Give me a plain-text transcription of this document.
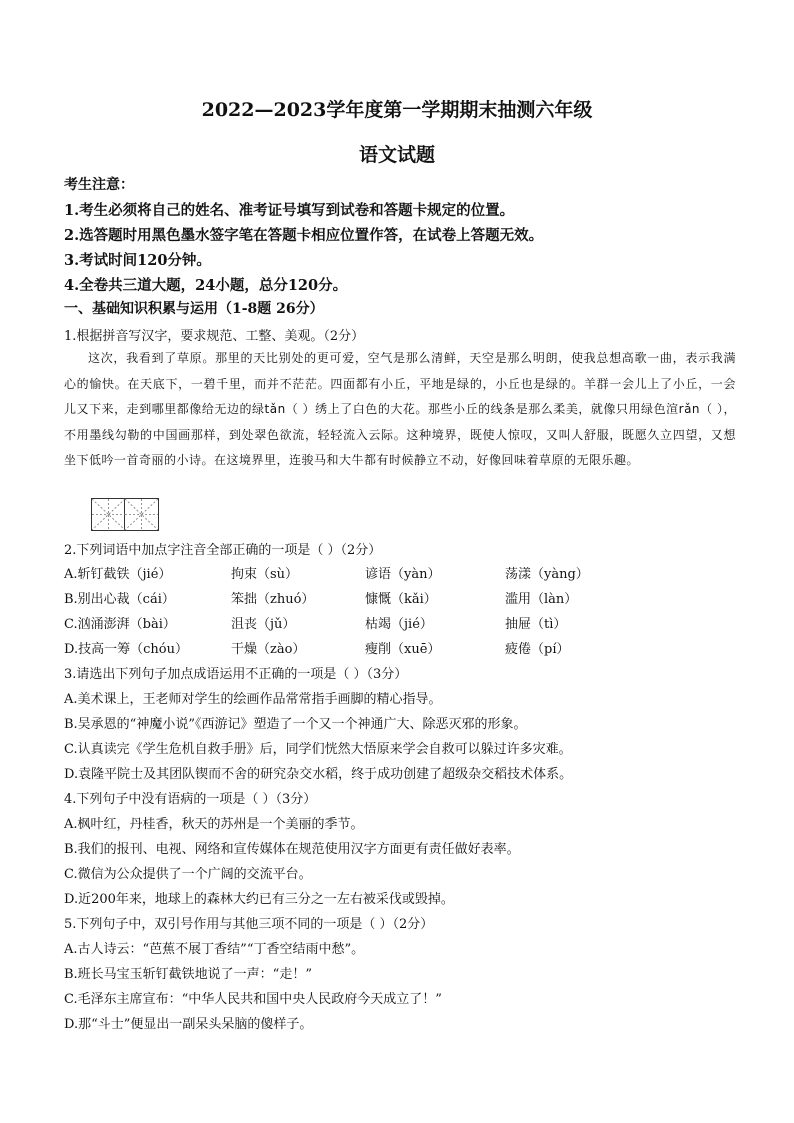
2022—2023学年度第一学期期末抽测六年级
语文试题
考生注意：
1.考生必须将自己的姓名、准考证号填写到试卷和答题卡规定的位置。
2.选答题时用黑色墨水签字笔在答题卡相应位置作答，在试卷上答题无效。
3.考试时间120分钟。
4.全卷共三道大题，24小题，总分120分。
一、基础知识积累与运用（1-8题 26分）
1.根据拼音写汉字，要求规范、工整、美观。（2分）
这次，我看到了草原。那里的天比别处的更可爱，空气是那么清鲜，天空是那么明朗，使我总想高歌一曲，表示我满心的愉快。在天底下，一碧千里，而并不茫茫。四面都有小丘，平地是绿的，小丘也是绿的。羊群一会儿上了小丘，一会儿又下来，走到哪里都像给无边的绿tǎn（ ）绣上了白色的大花。那些小丘的线条是那么柔美，就像只用绿色渲rǎn（ ），不用墨线勾勒的中国画那样，到处翠色欲流，轻轻流入云际。这种境界，既使人惊叹，又叫人舒服，既愿久立四望，又想坐下低吟一首奇丽的小诗。在这境界里，连骏马和大牛都有时候静立不动，好像回味着草原的无限乐趣。
2.下列词语中加点字注音全部正确的一项是（ ）（2分）
A.斩钉截铁（jié）	拘束（sù）	谚语（yàn）	荡漾（yàng）
B.别出心裁（cái）	笨拙（zhuó）	慷慨（kǎi）	滥用（làn）
C.汹涌澎湃（bài）	沮丧（jǔ）	枯竭（jié）	抽屉（tì）
D.技高一筹（chóu）	干燥（zào）	瘦削（xuē）	疲倦（pí）
3.请选出下列句子加点成语运用不正确的一项是（ ）（3分）
A.美术课上，王老师对学生的绘画作品常常指手画脚的精心指导。
B.吴承恩的“神魔小说”《西游记》塑造了一个又一个神通广大、除恶灭邪的形象。
C.认真读完《学生危机自救手册》后，同学们恍然大悟原来学会自救可以躲过许多灾难。
D.袁隆平院士及其团队锲而不舍的研究杂交水稻，终于成功创建了超级杂交稻技术体系。
4.下列句子中没有语病的一项是（ ）（3分）
A.枫叶红，丹桂香，秋天的苏州是一个美丽的季节。
B.我们的报刊、电视、网络和宣传媒体在规范使用汉字方面更有责任做好表率。
C.微信为公众提供了一个广阔的交流平台。
D.近200年来，地球上的森林大约已有三分之一左右被采伐或毁掉。
5.下列句子中，双引号作用与其他三项不同的一项是（ ）（2分）
A.古人诗云：“芭蕉不展丁香结”“丁香空结雨中愁”。
B.班长马宝玉斩钉截铁地说了一声：“走！”
C.毛泽东主席宣布：“中华人民共和国中央人民政府今天成立了！”
D.那“斗士”便显出一副呆头呆脑的傻样子。
